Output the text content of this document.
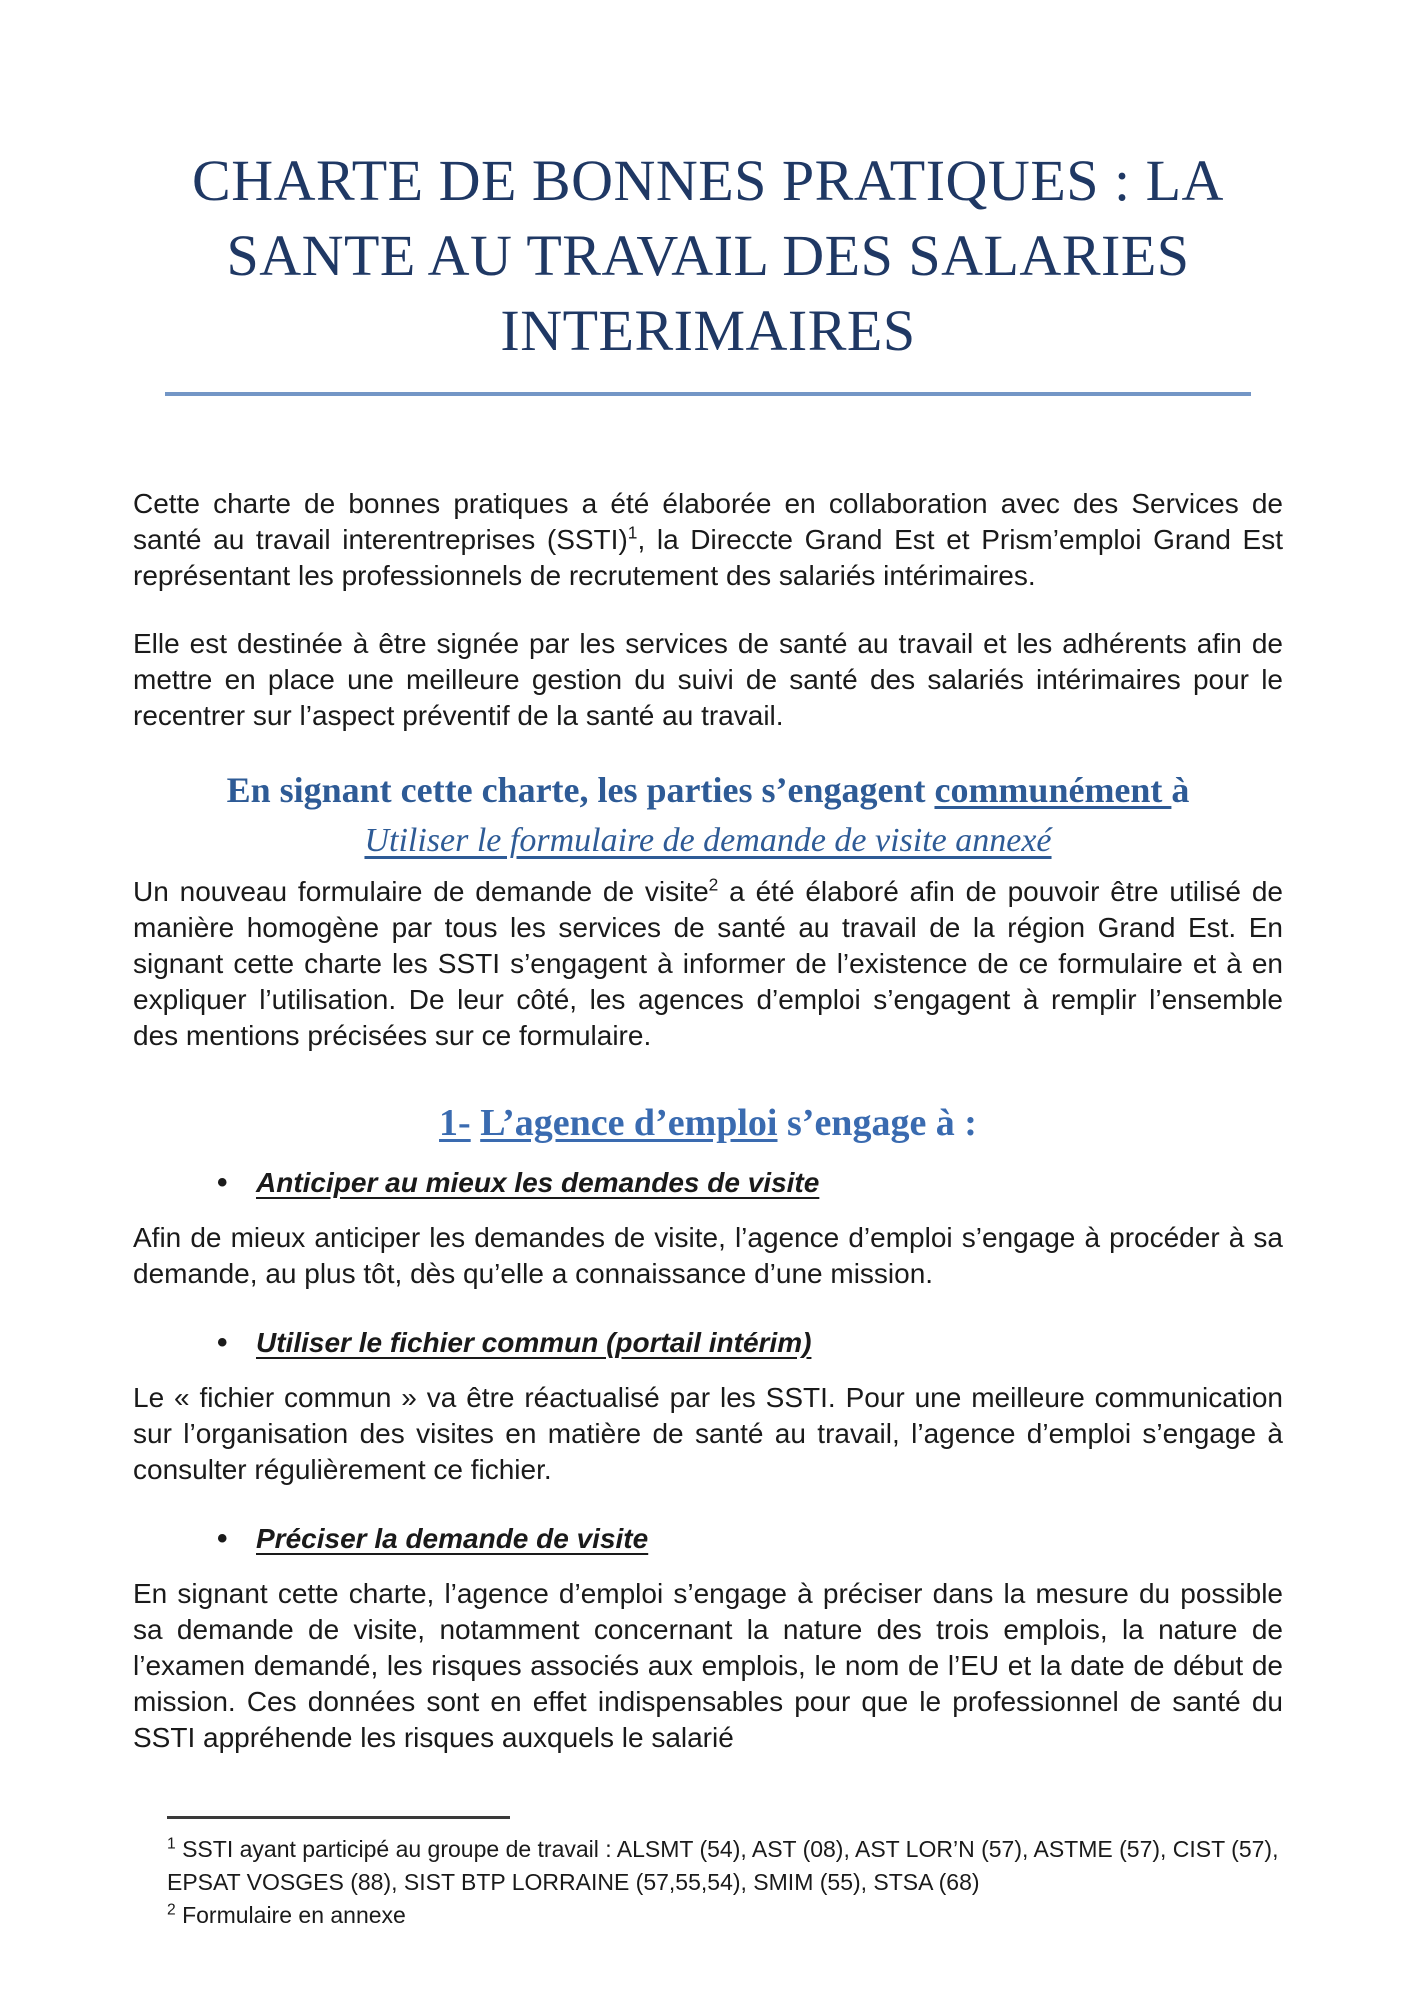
CHARTE DE BONNES PRATIQUES : LA
SANTE AU TRAVAIL DES SALARIES
INTERIMAIRES

Cette charte de bonnes pratiques a été élaborée en collaboration avec des Services de santé au travail interentreprises (SSTI)$^1$, la Direccte Grand Est et Prism’emploi Grand Est représentant les professionnels de recrutement des salariés intérimaires.

Elle est destinée à être signée par les services de santé au travail et les adhérents afin de mettre en place une meilleure gestion du suivi de santé des salariés intérimaires pour le recentrer sur l’aspect préventif de la santé au travail.

En signant cette charte, les parties s’engagent communément à
Utiliser le formulaire de demande de visite annexé

Un nouveau formulaire de demande de visite$^2$ a été élaboré afin de pouvoir être utilisé de manière homogène par tous les services de santé au travail de la région Grand Est. En signant cette charte les SSTI s’engagent à informer de l’existence de ce formulaire et à en expliquer l’utilisation. De leur côté, les agences d’emploi s’engagent à remplir l’ensemble des mentions précisées sur ce formulaire.

1- L’agence d’emploi s’engage à :
• Anticiper au mieux les demandes de visite

Afin de mieux anticiper les demandes de visite, l’agence d’emploi s’engage à procéder à sa demande, au plus tôt, dès qu’elle a connaissance d’une mission.

• Utiliser le fichier commun (portail intérim)

Le « fichier commun » va être réactualisé par les SSTI. Pour une meilleure communication sur l’organisation des visites en matière de santé au travail, l’agence d’emploi s’engage à consulter régulièrement ce fichier.

• Préciser la demande de visite

En signant cette charte, l’agence d’emploi s’engage à préciser dans la mesure du possible sa demande de visite, notamment concernant la nature des trois emplois, la nature de l’examen demandé, les risques associés aux emplois, le nom de l’EU et la date de début de mission. Ces données sont en effet indispensables pour que le professionnel de santé du SSTI appréhende les risques auxquels le salarié

$^1$ SSTI ayant participé au groupe de travail : ALSMT (54), AST (08), AST LOR’N (57), ASTME (57), CIST (57), EPSAT VOSGES (88), SIST BTP LORRAINE (57,55,54), SMIM (55), STSA (68)

$^2$ Formulaire en annexe
